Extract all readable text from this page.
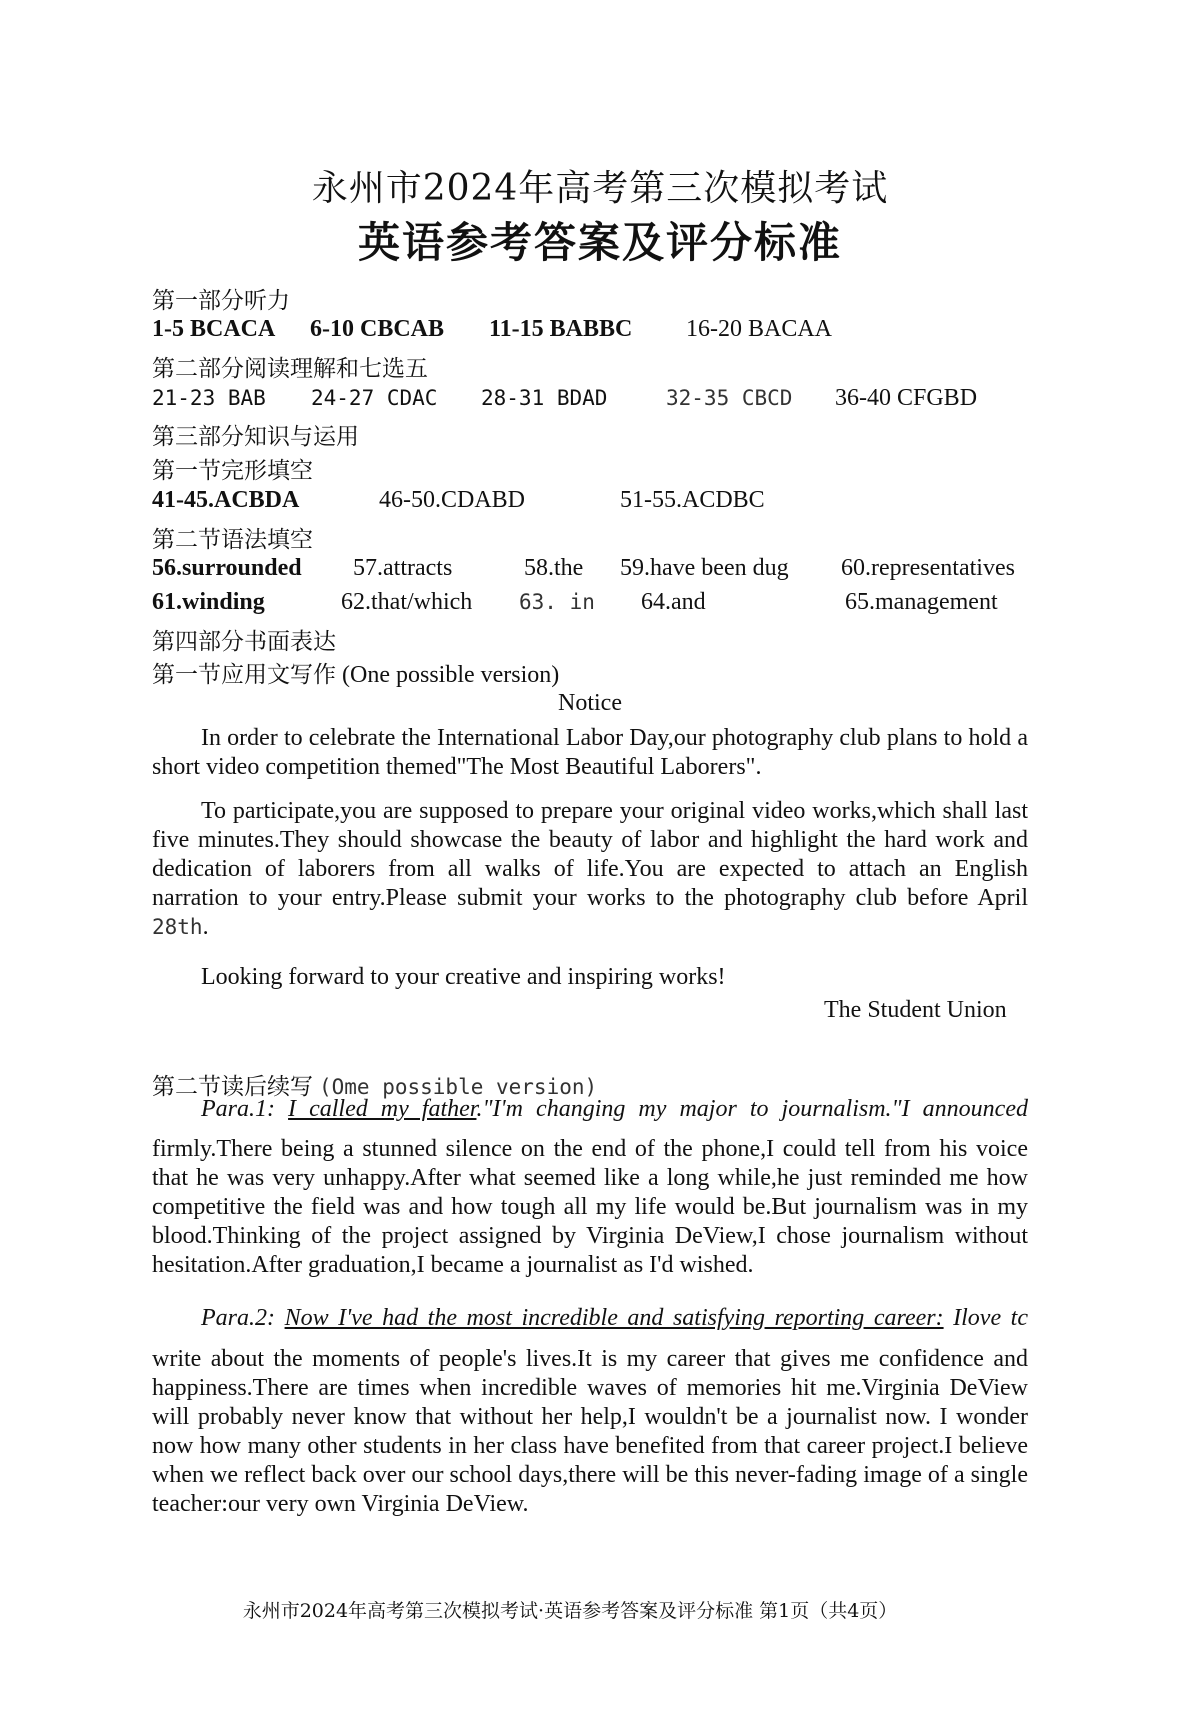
永州市2024年高考第三次模拟考试
英语参考答案及评分标准
第一部分听力
1-5 BCACA 6-10 CBCAB 11-15 BABBC 16-20 BACAA
第二部分阅读理解和七选五
21-23 BAB 24-27 CDAC 28-31 BDAD	32-35 CBCD 36-40 CFGBD
第三部分知识与运用
第一节完形填空
41-45.ACBDA	46-50.CDABD	51-55.ACDBC
第二节语法填空
56.surrounded 57.attracts	58.the 59.have been dug 60.representatives
61.winding	62.that/which 63. in 64.and	65.management
第四部分书面表达
第一节应用文写作 (One possible version)
Notice
In order to celebrate the International Labor Day,our photography club plans to hold a short video competition themed"The Most Beautiful Laborers".
To participate,you are supposed to prepare your original video works,which shall last five minutes.They should showcase the beauty of labor and highlight the hard work and dedication of laborers from all walks of life.You are expected to attach an English narration to your entry.Please submit your works to the photography club before April 28th.
Looking forward to your creative and inspiring works!
The Student Union
第二节读后续写 (Ome possible version)
Para.1: I called my father."I'm changing my major to journalism."I announced
firmly.There being a stunned silence on the end of the phone,I could tell from his voice that he was very unhappy.After what seemed like a long while,he just reminded me how competitive the field was and how tough all my life would be.But journalism was in my blood.Thinking of the project assigned by Virginia DeView,I chose journalism without hesitation.After graduation,I became a journalist as I'd wished.
Para.2: Now I've had the most incredible and satisfying reporting career: Ilove tc
write about the moments of people's lives.It is my career that gives me confidence and happiness.There are times when incredible waves of memories hit me.Virginia DeView will probably never know that without her help,I wouldn't be a journalist now. I wonder now how many other students in her class have benefited from that career project.I believe when we reflect back over our school days,there will be this never-fading image of a single teacher:our very own Virginia DeView.
永州市2024年高考第三次模拟考试·英语参考答案及评分标准 第1页（共4页）
